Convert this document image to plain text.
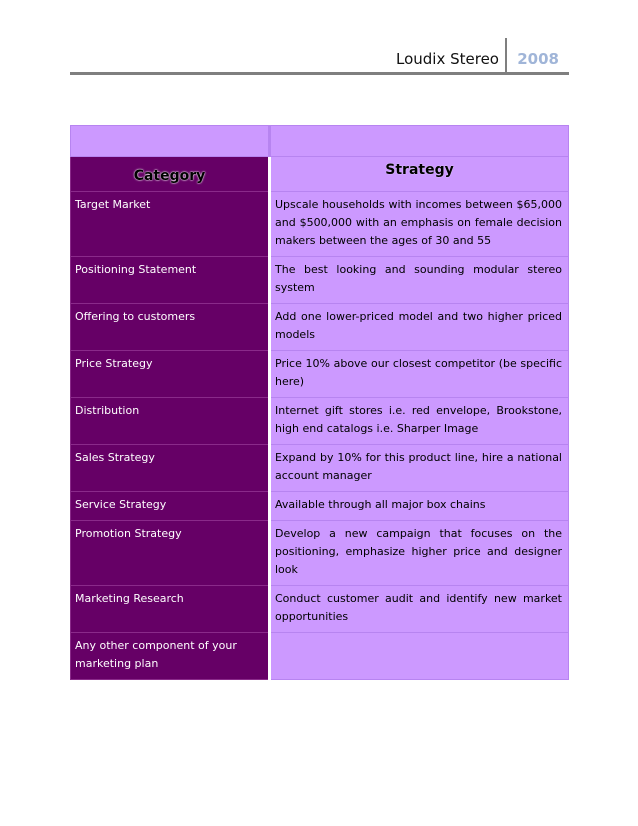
Loudix Stereo 2008

Category	Strategy

Target Market	Upscale households with incomes between $65,000 and $500,000 with an emphasis on female decision makers between the ages of 30 and 55

Positioning Statement	The best looking and sounding modular stereo system

Offering to customers	Add one lower-priced model and two higher priced models

Price Strategy	Price 10% above our closest competitor (be specific here)

Distribution	Internet gift stores i.e. red envelope, Brookstone, high end catalogs i.e. Sharper Image

Sales Strategy	Expand by 10% for this product line, hire a national account manager

Service Strategy	Available through all major box chains

Promotion Strategy	Develop a new campaign that focuses on the positioning, emphasize higher price and designer look

Marketing Research	Conduct customer audit and identify new market opportunities

Any other component of your marketing plan	
